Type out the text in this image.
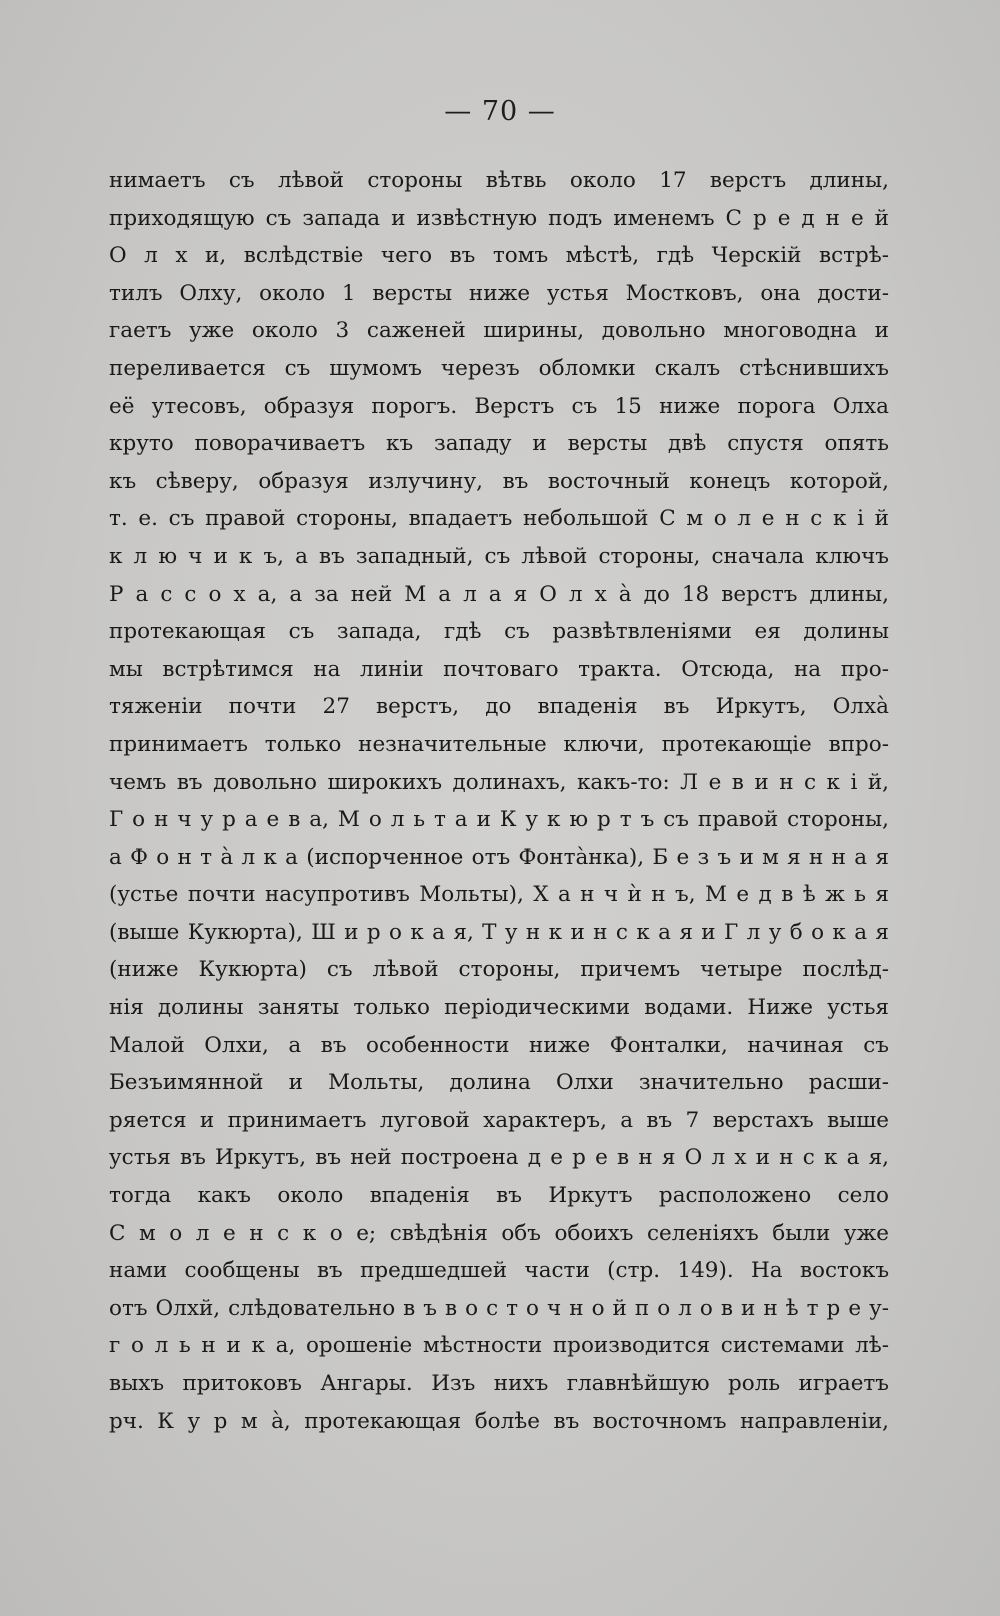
— 70 —
нимаетъ съ лѣвой стороны вѣтвь около 17 верстъ длины,
приходящую съ запада и извѣстную подъ именемъ С р е д н е й
О л х и, вслѣдствіе чего въ томъ мѣстѣ, гдѣ Черскій встрѣ-
тилъ Олху, около 1 версты ниже устья Мостковъ, она дости-
гаетъ уже около 3 саженей ширины, довольно многоводна и
переливается съ шумомъ черезъ обломки скалъ стѣснившихъ
её утесовъ, образуя порогъ. Верстъ съ 15 ниже порога Олха
круто поворачиваетъ къ западу и версты двѣ спустя опять
къ сѣверу, образуя излучину, въ восточный конецъ которой,
т. е. съ правой стороны, впадаетъ небольшой С м о л е н с к і й
к л ю ч и к ъ, а въ западный, съ лѣвой стороны, сначала ключъ
Р а с с о х а, а за ней М а л а я О л х а̀ до 18 верстъ длины,
протекающая съ запада, гдѣ съ развѣтвленіями ея долины
мы встрѣтимся на линіи почтоваго тракта. Отсюда, на про-
тяженіи почти 27 верстъ, до впаденія въ Иркутъ, Олха̀
принимаетъ только незначительные ключи, протекающіе впро-
чемъ въ довольно широкихъ долинахъ, какъ-то: Л е в и н с к і й,
Г о н ч у р а е в а, М о л ь т а и К у к ю р т ъ съ правой стороны,
а Ф о н т а̀ л к а (испорченное отъ Фонта̀нка), Б е з ъ и м я н н а я
(устье почти насупротивъ Мольты), Х а н ч ѝ н ъ, М е д в ѣ ж ь я
(выше Кукюрта), Ш и р о к а я, Т у н к и н с к а я и Г л у б о к а я
(ниже Кукюрта) съ лѣвой стороны, причемъ четыре послѣд-
нія долины заняты только періодическими водами. Ниже устья
Малой Олхи, а въ особенности ниже Фонталки, начиная съ
Безъимянной и Мольты, долина Олхи значительно расши-
ряется и принимаетъ луговой характеръ, а въ 7 верстахъ выше
устья въ Иркутъ, въ ней построена д е р е в н я О л х и н с к а я,
тогда какъ около впаденія въ Иркутъ расположено село
С м о л е н с к о е; свѣдѣнія объ обоихъ селеніяхъ были уже
нами сообщены въ предшедшей части (стр. 149). На востокъ
отъ Олхй, слѣдовательно в ъ в о с т о ч н о й п о л о в и н ѣ т р е у-
г о л ь н и к а, орошеніе мѣстности производится системами лѣ-
выхъ притоковъ Ангары. Изъ нихъ главнѣйшую роль играетъ
рч. К у р м а̀, протекающая болѣе въ восточномъ направленіи,
